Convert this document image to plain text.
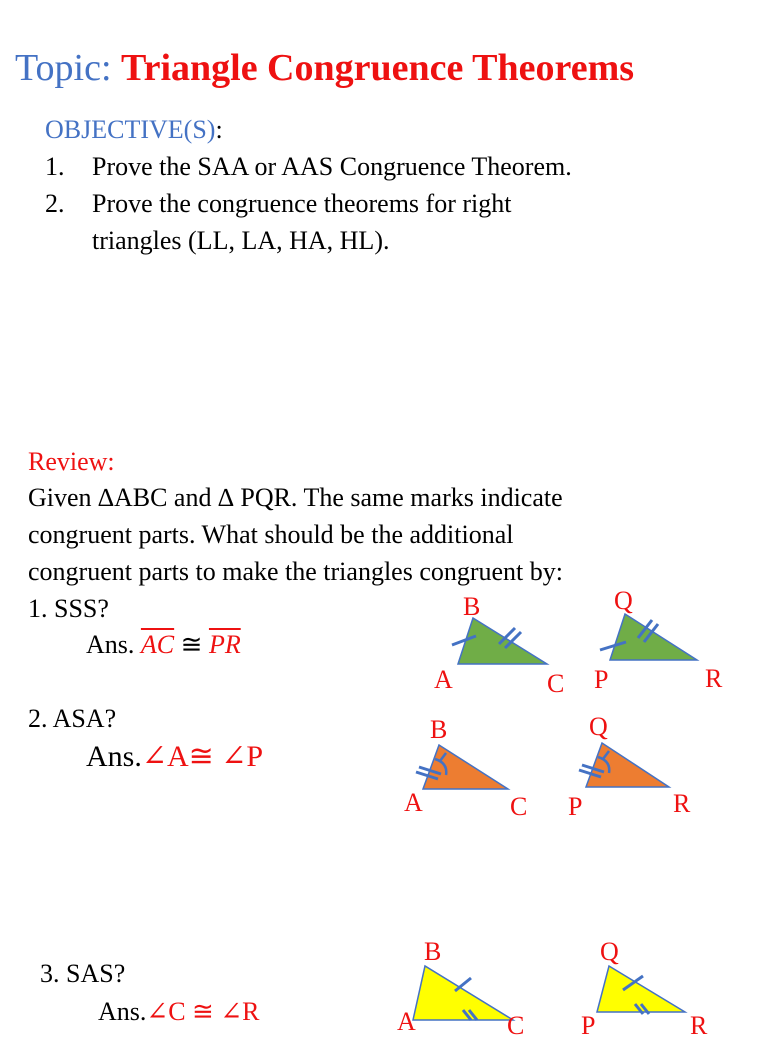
Topic: Triangle Congruence Theorems
OBJECTIVE(S):
1. Prove the SAA or AAS Congruence Theorem.
2. Prove the congruence theorems for right
triangles (LL, LA, HA, HL).
Review:
Given ∆ABC and ∆ PQR. The same marks indicate
congruent parts. What should be the additional
congruent parts to make the triangles congruent by:
1. SSS?
Ans. $\overline{AC}$ ≅ $\overline{PR}$
2. ASA?
Ans.∠A≅ ∠P
3. SAS?
Ans.∠C ≅ ∠R
B
A	C
Q
P	R
B
A	C
Q
P	R
B
A	C
Q
P	R
